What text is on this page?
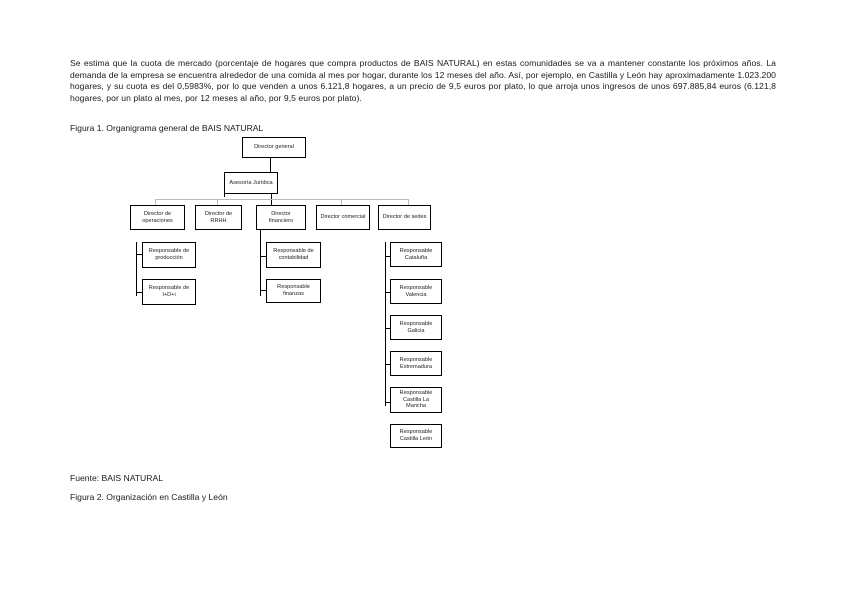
Se estima que la cuota de mercado (porcentaje de hogares que compra productos de BAIS NATURAL) en estas comunidades se va a mantener constante los próximos años. La demanda de la empresa se encuentra alrededor de una comida al mes por hogar, durante los 12 meses del año. Así, por ejemplo, en Castilla y León hay aproximadamente 1.023.200 hogares, y su cuota es del 0,5983%, por lo que venden a unos 6.121,8 hogares, a un precio de 9,5 euros por plato, lo que arroja unos ingresos de unos 697.885,84 euros (6.121,8 hogares, por un plato al mes, por 12 meses al año, por 9,5 euros por plato).
Figura 1. Organigrama general de BAIS NATURAL
Director general
Asesoría Jurídica
Director de operaciones
Director de RRHH
Director financiero
Director comercial	Director de sedes
Responsable de producción
Responsable de I+D+i
Responsable de contabilidad
Responsable finanzas
Responsable Cataluña
Responsable Valencia
Responsable Galicia
Responsable Extremadura
Responsable Castilla La Mancha
Responsable Castilla León
Fuente: BAIS NATURAL
Figura 2. Organización en Castilla y León
